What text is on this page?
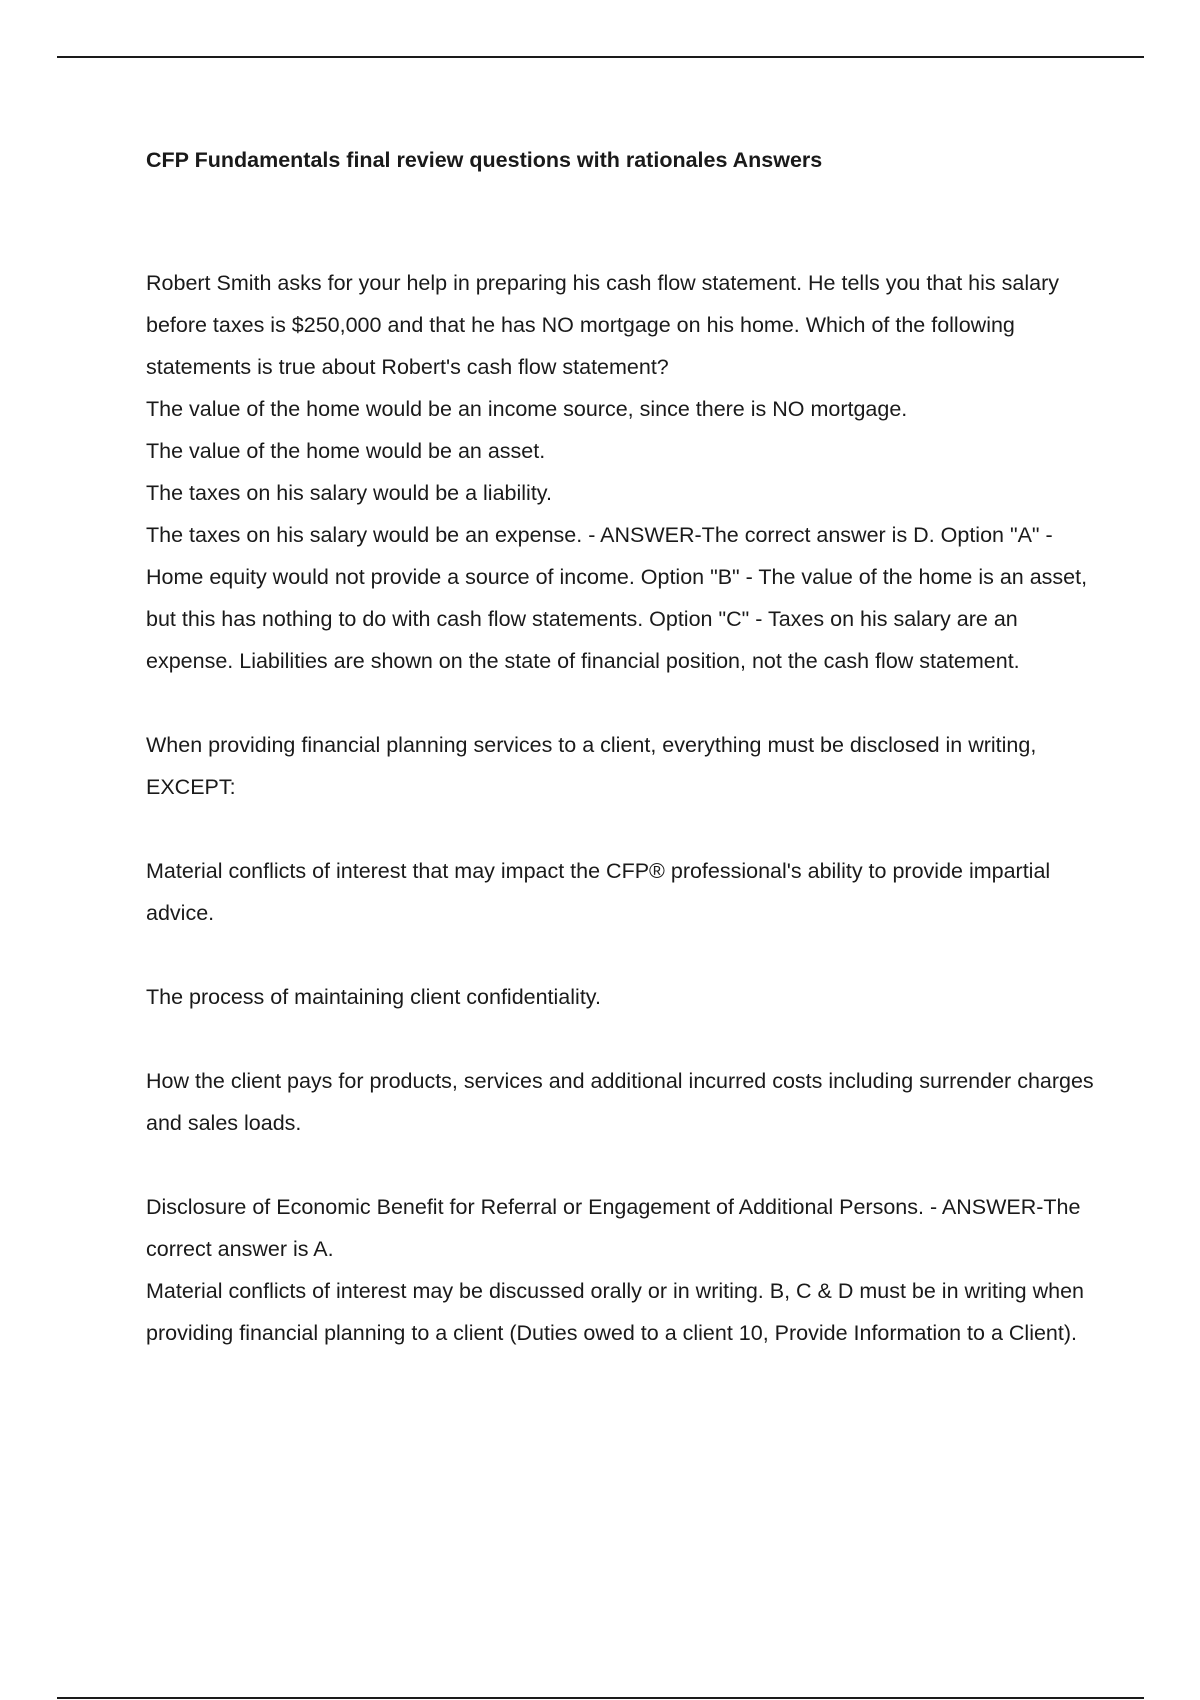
CFP Fundamentals final review questions with rationales Answers

Robert Smith asks for your help in preparing his cash flow statement. He tells you that his salary before taxes is $250,000 and that he has NO mortgage on his home. Which of the following statements is true about Robert's cash flow statement?

The value of the home would be an income source, since there is NO mortgage.

The value of the home would be an asset.

The taxes on his salary would be a liability.

The taxes on his salary would be an expense. - ANSWER-The correct answer is D. Option "A" - Home equity would not provide a source of income. Option "B" - The value of the home is an asset, but this has nothing to do with cash flow statements. Option "C" - Taxes on his salary are an expense. Liabilities are shown on the state of financial position, not the cash flow statement.

When providing financial planning services to a client, everything must be disclosed in writing, EXCEPT:

Material conflicts of interest that may impact the CFP® professional's ability to provide impartial advice.

The process of maintaining client confidentiality.

How the client pays for products, services and additional incurred costs including surrender charges and sales loads.

Disclosure of Economic Benefit for Referral or Engagement of Additional Persons. - ANSWER-The correct answer is A.

Material conflicts of interest may be discussed orally or in writing. B, C & D must be in writing when providing financial planning to a client (Duties owed to a client 10, Provide Information to a Client).
